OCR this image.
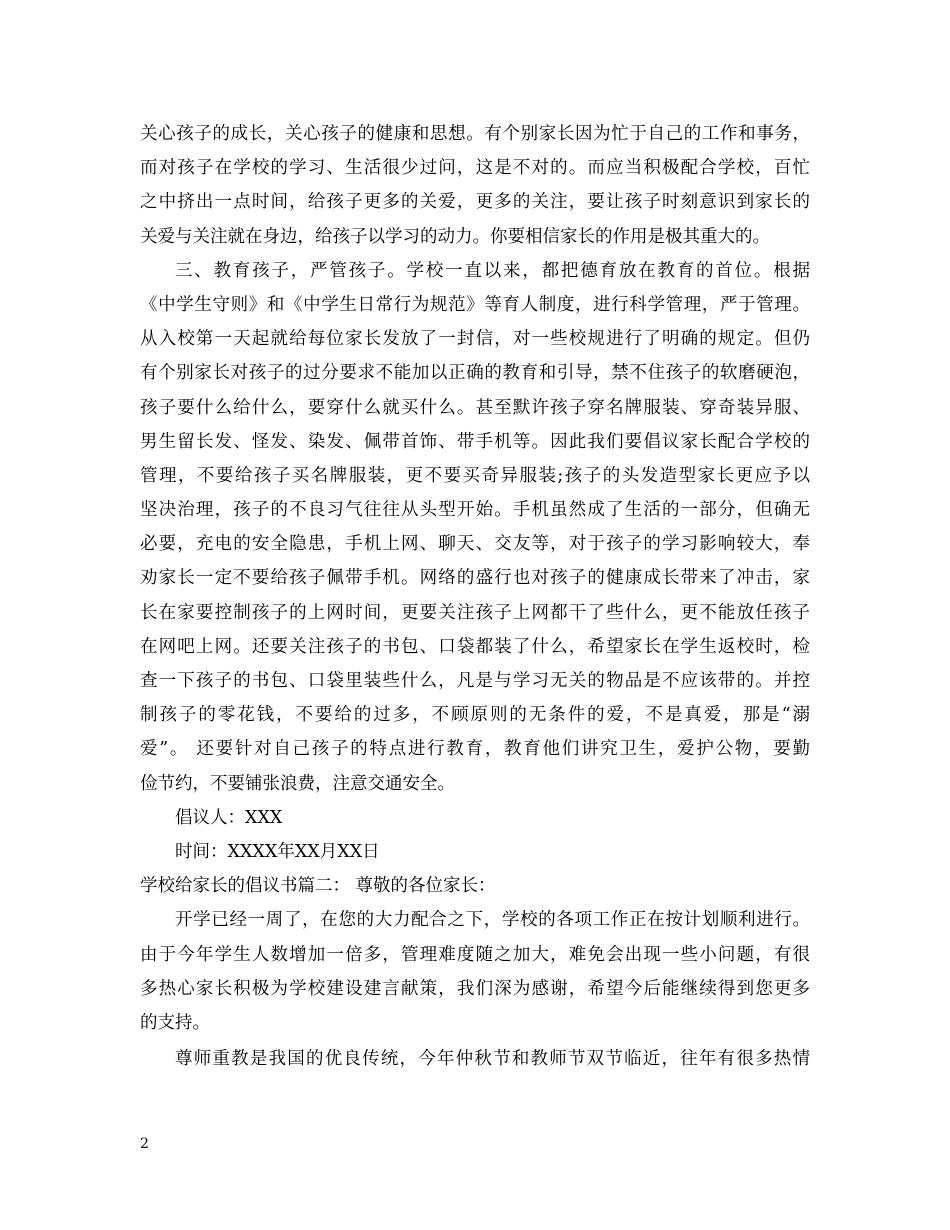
关心孩子的成长，关心孩子的健康和思想。有个别家长因为忙于自己的工作和事务，
而对孩子在学校的学习、生活很少过问，这是不对的。而应当积极配合学校，百忙
之中挤出一点时间，给孩子更多的关爱，更多的关注，要让孩子时刻意识到家长的
关爱与关注就在身边，给孩子以学习的动力。你要相信家长的作用是极其重大的。
三、教育孩子，严管孩子。学校一直以来，都把德育放在教育的首位。根据
《中学生守则》和《中学生日常行为规范》等育人制度，进行科学管理，严于管理。
从入校第一天起就给每位家长发放了一封信，对一些校规进行了明确的规定。但仍
有个别家长对孩子的过分要求不能加以正确的教育和引导，禁不住孩子的软磨硬泡，
孩子要什么给什么，要穿什么就买什么。甚至默许孩子穿名牌服装、穿奇装异服、
男生留长发、怪发、染发、佩带首饰、带手机等。因此我们要倡议家长配合学校的
管理，不要给孩子买名牌服装，更不要买奇异服装;孩子的头发造型家长更应予以
坚决治理，孩子的不良习气往往从头型开始。手机虽然成了生活的一部分，但确无
必要，充电的安全隐患，手机上网、聊天、交友等，对于孩子的学习影响较大，奉
劝家长一定不要给孩子佩带手机。网络的盛行也对孩子的健康成长带来了冲击，家
长在家要控制孩子的上网时间，更要关注孩子上网都干了些什么，更不能放任孩子
在网吧上网。还要关注孩子的书包、口袋都装了什么，希望家长在学生返校时，检
查一下孩子的书包、口袋里装些什么，凡是与学习无关的物品是不应该带的。并控
制孩子的零花钱，不要给的过多，不顾原则的无条件的爱，不是真爱，那是“溺
爱”。 还要针对自己孩子的特点进行教育，教育他们讲究卫生，爱护公物，要勤
俭节约，不要铺张浪费，注意交通安全。
倡议人：XXX
时间：XXXX年XX月XX日
学校给家长的倡议书篇二： 尊敬的各位家长：
开学已经一周了，在您的大力配合之下，学校的各项工作正在按计划顺利进行。
由于今年学生人数增加一倍多，管理难度随之加大，难免会出现一些小问题，有很
多热心家长积极为学校建设建言献策，我们深为感谢，希望今后能继续得到您更多
的支持。
尊师重教是我国的优良传统，今年仲秋节和教师节双节临近，往年有很多热情
2
